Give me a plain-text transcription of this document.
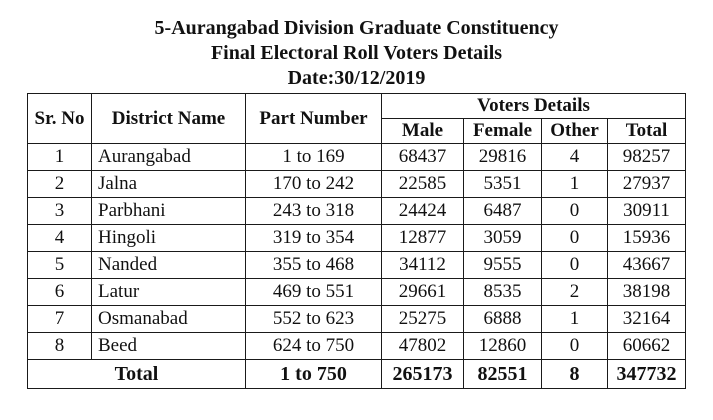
5-Aurangabad Division Graduate Constituency
Final Electoral Roll Voters Details
Date:30/12/2019
Sr. No	District Name	Part Number	Voters Details			
			Male	Female	Other	Total
1	Aurangabad	1 to 169	68437	29816	4	98257
2	Jalna	170 to 242	22585	5351	1	27937
3	Parbhani	243 to 318	24424	6487	0	30911
4	Hingoli	319 to 354	12877	3059	0	15936
5	Nanded	355 to 468	34112	9555	0	43667
6	Latur	469 to 551	29661	8535	2	38198
7	Osmanabad	552 to 623	25275	6888	1	32164
8	Beed	624 to 750	47802	12860	0	60662
Total		1 to 750	265173	82551	8	347732
